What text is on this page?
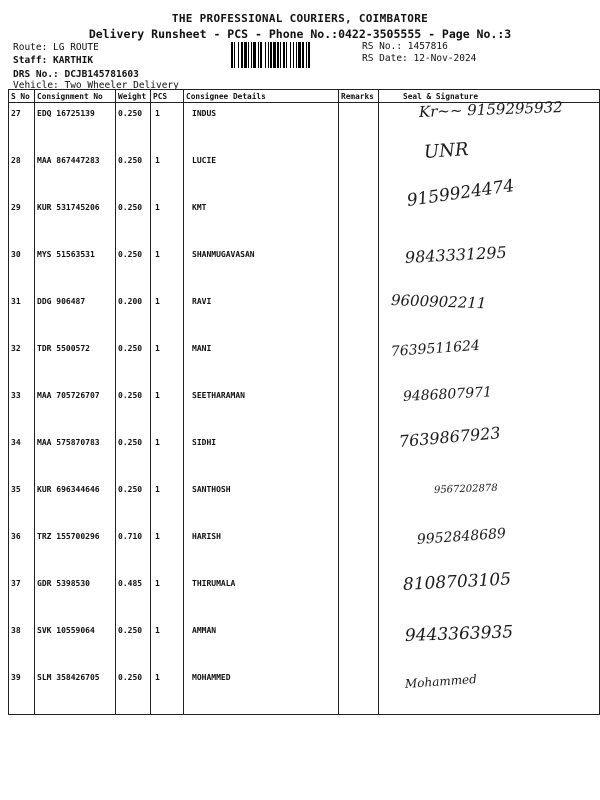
THE PROFESSIONAL COURIERS, COIMBATORE
Delivery Runsheet - PCS - Phone No.:0422-3505555 - Page No.:3
Route: LG ROUTE
Staff: KARTHIK
DRS No.: DCJB145781603
Vehicle: Two Wheeler Delivery
RS No.: 1457816
RS Date: 12-Nov-2024
S No	Consignment No	Weight	PCS	Consignee Details	Remarks	Seal & Signature
27	EDQ 16725139	0.250	1	INDUS		Kr~~ 9159295932

28	MAA 867447283	0.250	1	LUCIE		UNR

29	KUR 531745206	0.250	1	KMT		9159924474

30	MYS 51563531	0.250	1	SHANMUGAVASAN		9843331295

31	DDG 906487	0.200	1	RAVI		9600902211

32	TDR 5500572	0.250	1	MANI		7639511624

33	MAA 705726707	0.250	1	SEETHARAMAN		9486807971

34	MAA 575870783	0.250	1	SIDHI		7639867923

35	KUR 696344646	0.250	1	SANTHOSH		9567202878

36	TRZ 155700296	0.710	1	HARISH		9952848689

37	GDR 5398530	0.485	1	THIRUMALA		8108703105

38	SVK 10559064	0.250	1	AMMAN		9443363935

39	SLM 358426705	0.250	1	MOHAMMED		Mohammed
